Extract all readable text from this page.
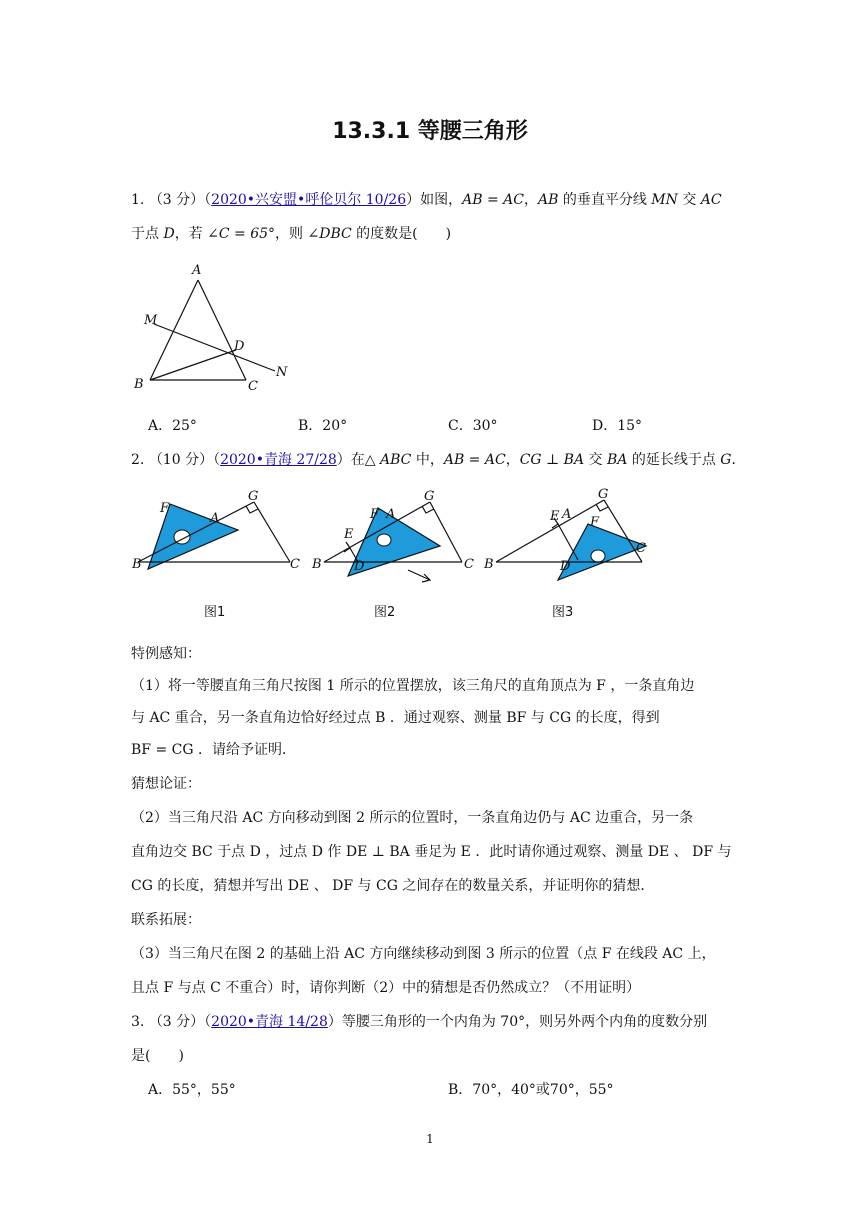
13.3.1 等腰三角形
1. （3 分）（2020•兴安盟•呼伦贝尔 10/26）如图，AB = AC，AB 的垂直平分线 MN 交 AC
于点 D，若 ∠C = 65°，则 ∠DBC 的度数是(　　)
A
M
D
N
B	C
A．25°	B．20°	C．30°	D．15°
2. （10 分）（2020•青海 27/28）在△ ABC 中，AB = AC，CG ⊥ BA 交 BA 的延长线于点 G．
F
A
G
B	C
图1
F A
G
E
B D	C
图2
E A
G
F
B	D
C
图3
特例感知：
（1）将一等腰直角三角尺按图 1 所示的位置摆放，该三角尺的直角顶点为 F ，一条直角边
与 AC 重合，另一条直角边恰好经过点 B ．通过观察、测量 BF 与 CG 的长度，得到
BF = CG ．请给予证明．
猜想论证：
（2）当三角尺沿 AC 方向移动到图 2 所示的位置时，一条直角边仍与 AC 边重合，另一条
直角边交 BC 于点 D ，过点 D 作 DE ⊥ BA 垂足为 E ．此时请你通过观察、测量 DE 、 DF 与
CG 的长度，猜想并写出 DE 、 DF 与 CG 之间存在的数量关系，并证明你的猜想．
联系拓展：
（3）当三角尺在图 2 的基础上沿 AC 方向继续移动到图 3 所示的位置（点 F 在线段 AC 上，
且点 F 与点 C 不重合）时，请你判断（2）中的猜想是否仍然成立？（不用证明）
3. （3 分）（2020•青海 14/28）等腰三角形的一个内角为 70°，则另外两个内角的度数分别
是(　　)
A．55°，55°	B．70°，40°或70°，55°
1
